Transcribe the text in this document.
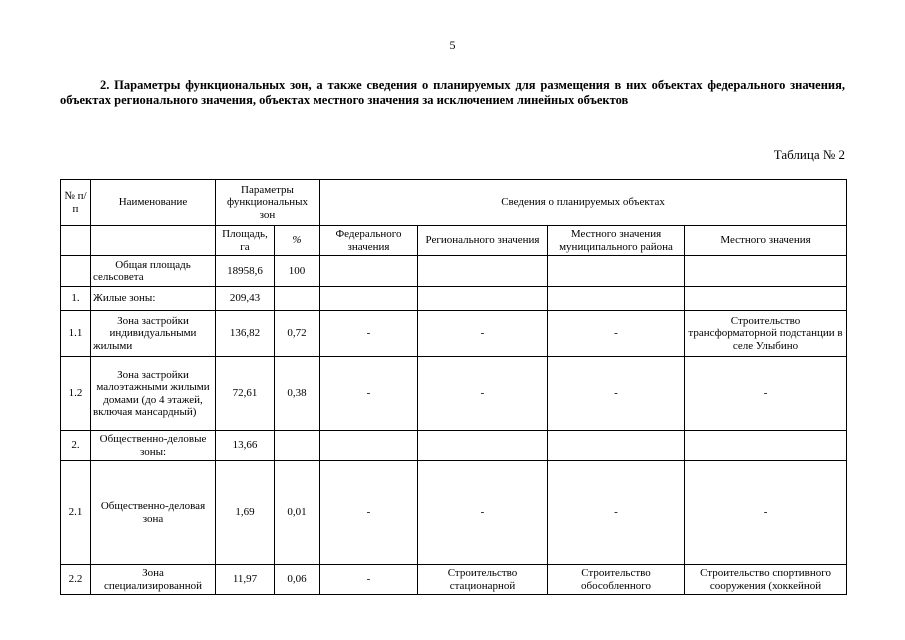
5
2. Параметры функциональных зон, а также сведения о планируемых для размещения в них объектах федерального значения, объектах регионального значения, объектах местного значения за исключением линейных объектов
Таблица № 2
№ п/п	Наименование	Параметры функциональных зон		Сведения о планируемых объектах			
		Площадь, га	%	Федерального значения	Регионального значения	Местного значения муниципального района	Местного значения
	Общая площадь сельсовета	18958,6	100				
1.	Жилые зоны:	209,43					
1.1	Зона застройки индивидуальными жилыми	136,82	0,72	-	-	-	Строительство трансформаторной подстанции в селе Улыбино
1.2	Зона застройки малоэтажными жилыми домами (до 4 этажей, включая мансардный)	72,61	0,38	-	-	-	-
2.	Общественно-деловые зоны:	13,66					
2.1	Общественно-деловая зона	1,69	0,01	-	-	-	-
2.2	Зона специализированной	11,97	0,06	-	Строительство стационарной	Строительство обособленного	Строительство спортивного сооружения (хоккейной
